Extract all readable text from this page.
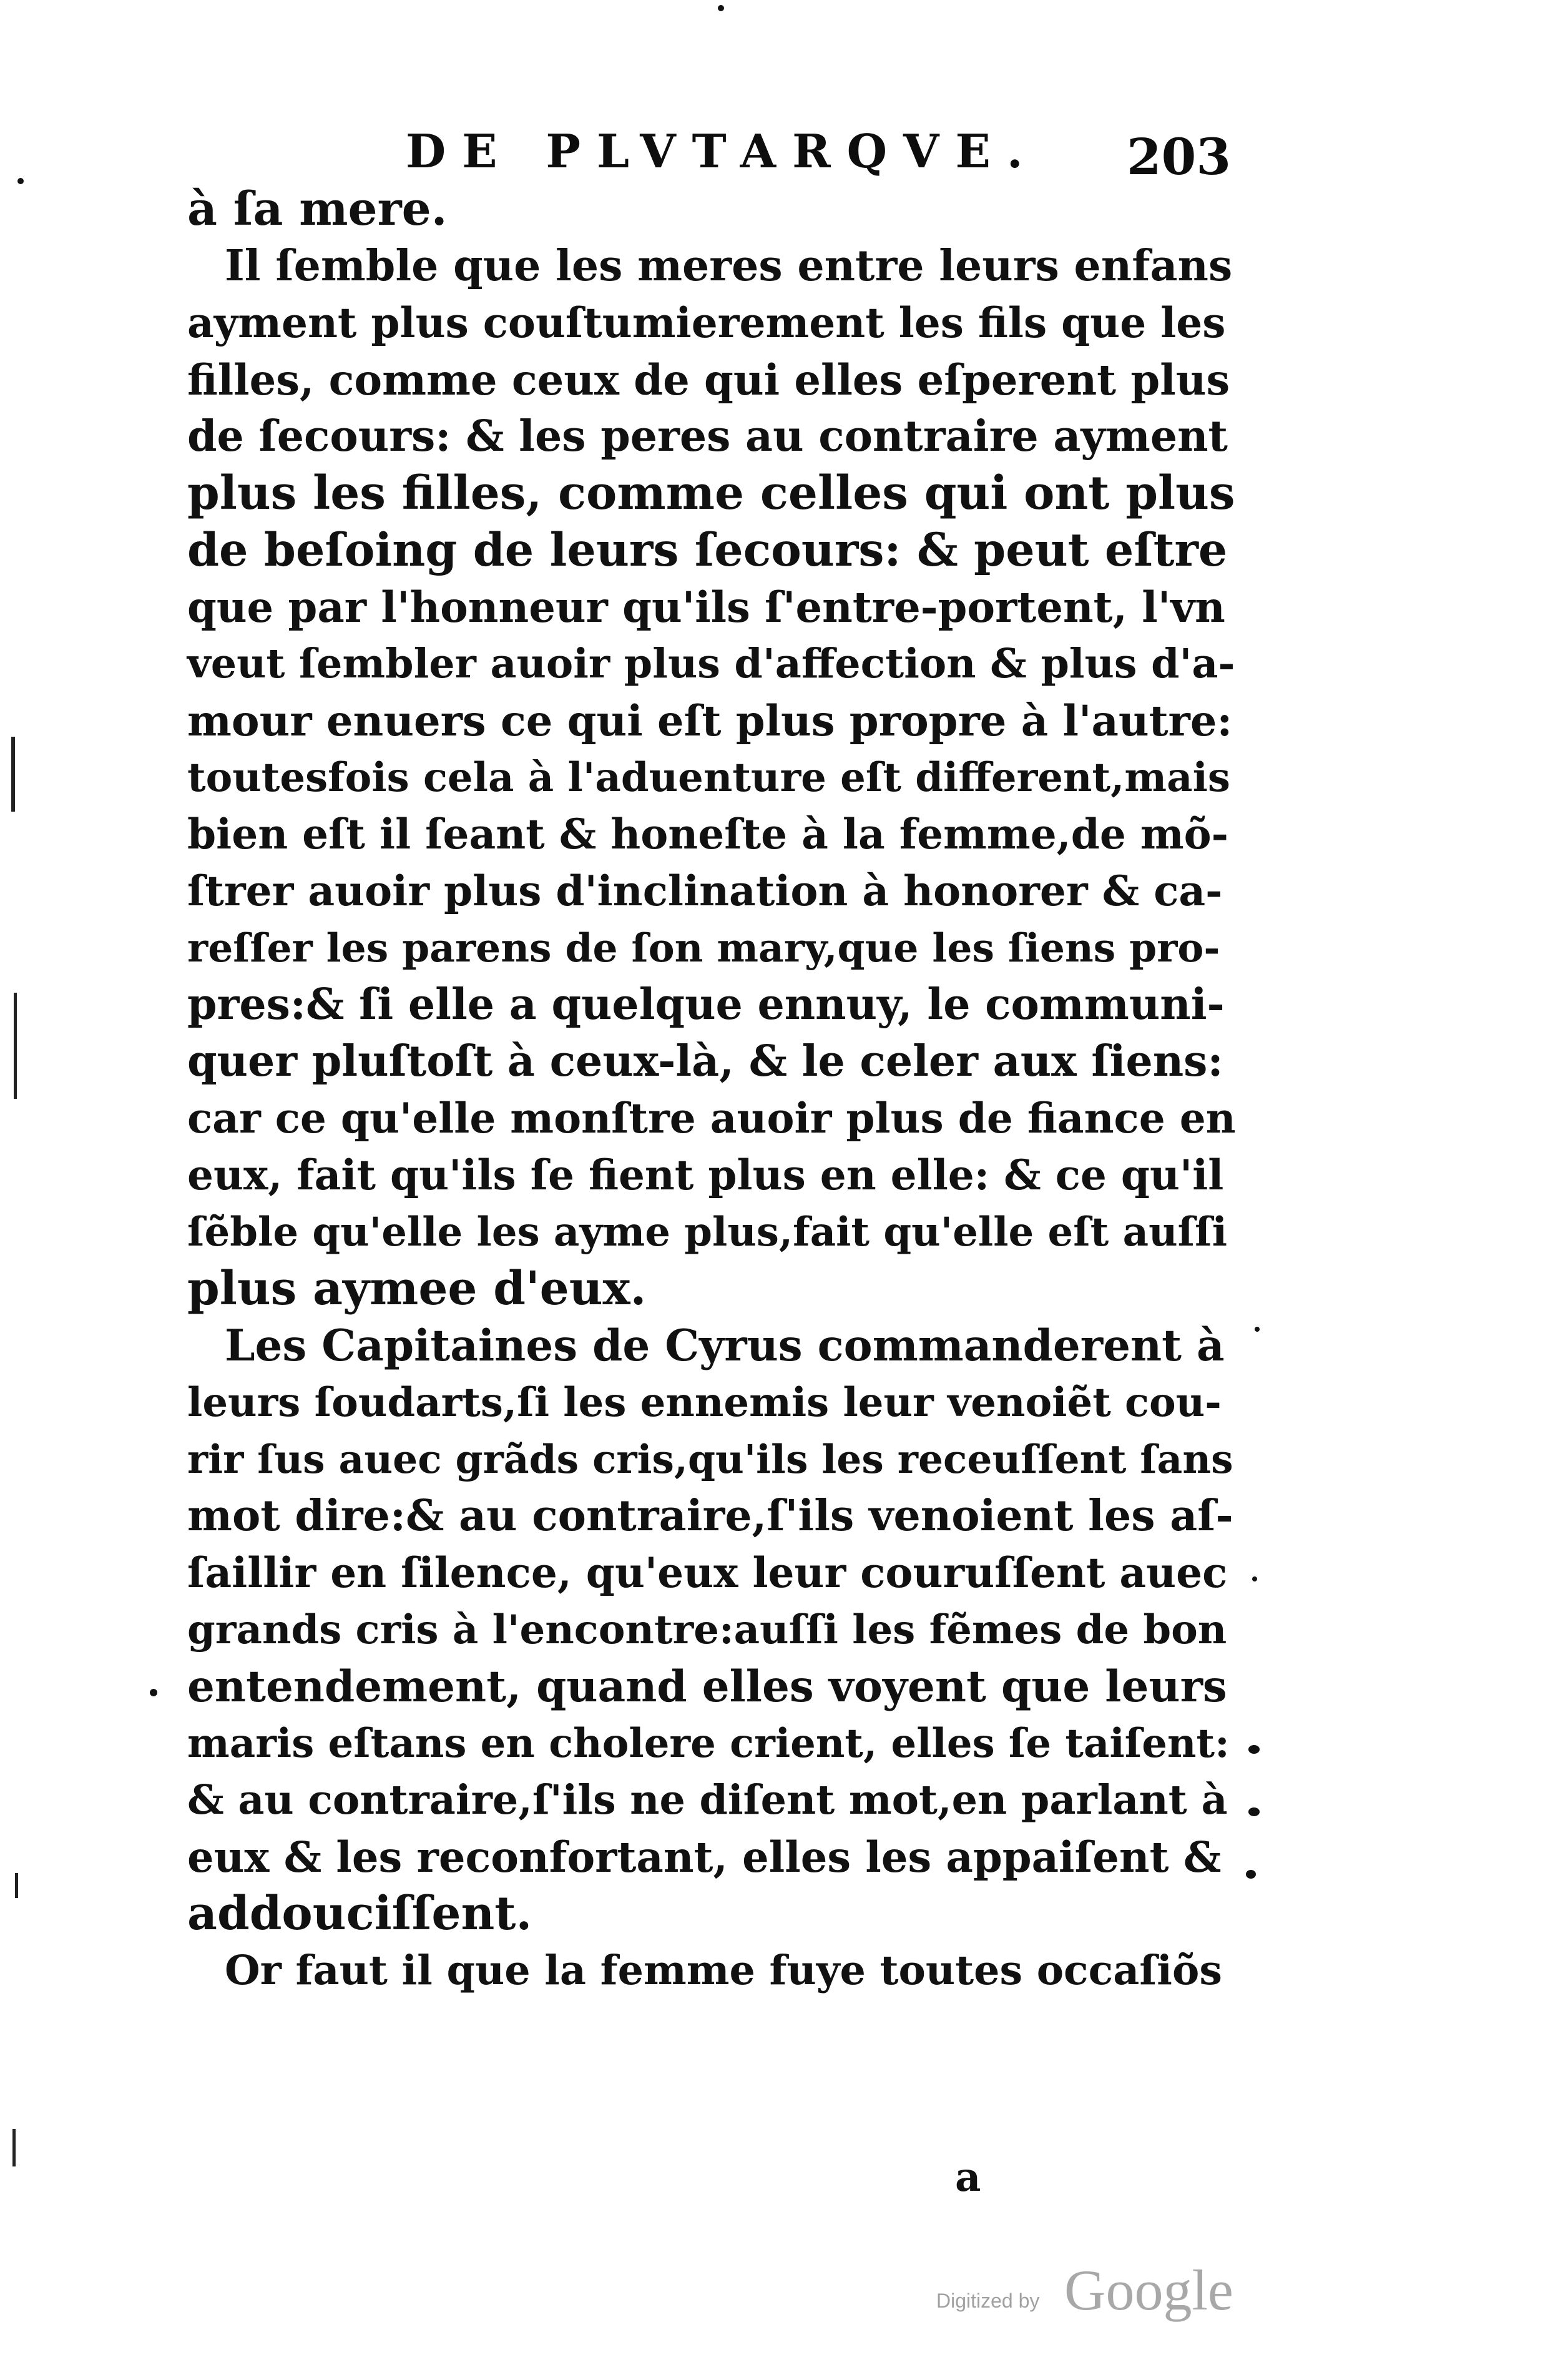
DE PLVTARQVE. 203
à ſa mere.
Il ſemble que les meres entre leurs enfans
ayment plus couſtumierement les fils que les
filles, comme ceux de qui elles eſperent plus
de ſecours: & les peres au contraire ayment
plus les filles, comme celles qui ont plus
de beſoing de leurs ſecours: & peut eſtre
que par l'honneur qu'ils ſ'entre-portent, l'vn
veut ſembler auoir plus d'affection & plus d'a-
mour enuers ce qui eſt plus propre à l'autre:
toutesfois cela à l'aduenture eſt different,mais
bien eſt il ſeant & honeſte à la femme,de mõ-
ſtrer auoir plus d'inclination à honorer & ca-
reſſer les parens de ſon mary,que les ſiens pro-
pres:& ſi elle a quelque ennuy, le communi-
quer pluſtoſt à ceux-là, & le celer aux ſiens:
car ce qu'elle monſtre auoir plus de fiance en
eux, fait qu'ils ſe fient plus en elle: & ce qu'il
ſẽble qu'elle les ayme plus,fait qu'elle eſt auſſi
plus aymee d'eux.
Les Capitaines de Cyrus commanderent à
leurs ſoudarts,ſi les ennemis leur venoiẽt cou-
rir ſus auec grãds cris,qu'ils les receuſſent ſans
mot dire:& au contraire,ſ'ils venoient les aſ-
ſaillir en ſilence, qu'eux leur couruſſent auec
grands cris à l'encontre:auſſi les fẽmes de bon
entendement, quand elles voyent que leurs
maris eſtans en cholere crient, elles ſe taiſent:
& au contraire,ſ'ils ne diſent mot,en parlant à
eux & les reconfortant, elles les appaiſent &
addouciſſent.
Or faut il que la femme fuye toutes occaſiõs
a
Digitized by Google
